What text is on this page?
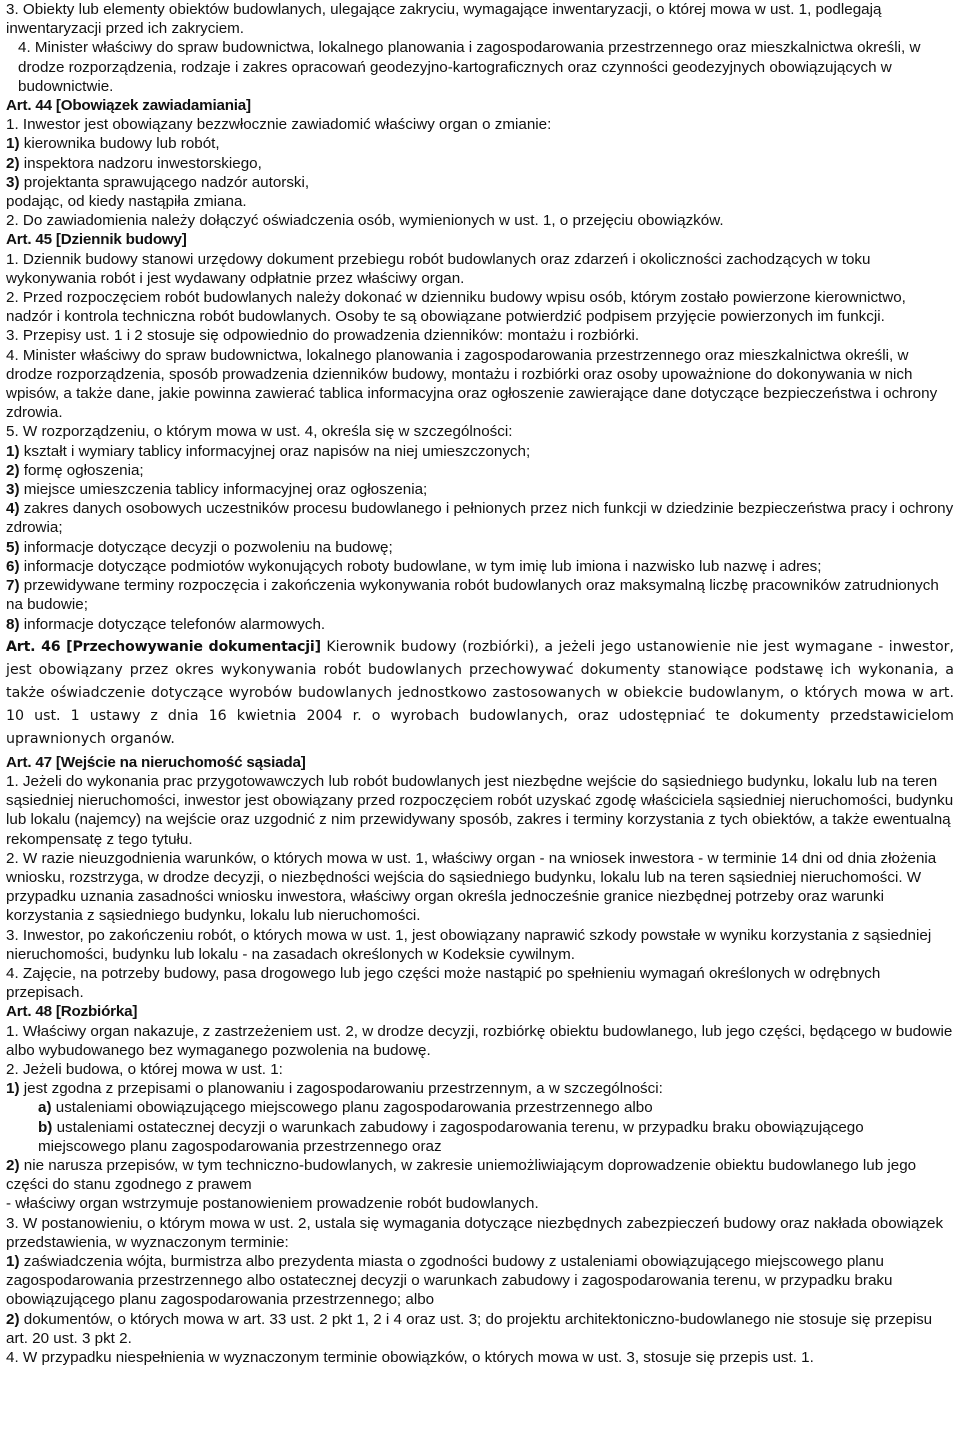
3. Obiekty lub elementy obiektów budowlanych, ulegające zakryciu, wymagające inwentaryzacji, o której mowa w ust. 1, podlegają inwentaryzacji przed ich zakryciem.

4. Minister właściwy do spraw budownictwa, lokalnego planowania i zagospodarowania przestrzennego oraz mieszkalnictwa określi, w drodze rozporządzenia, rodzaje i zakres opracowań geodezyjno-kartograficznych oraz czynności geodezyjnych obowiązujących w budownictwie.

Art. 44 [Obowiązek zawiadamiania]

1. Inwestor jest obowiązany bezzwłocznie zawiadomić właściwy organ o zmianie:

1) kierownika budowy lub robót,

2) inspektora nadzoru inwestorskiego,

3) projektanta sprawującego nadzór autorski,

podając, od kiedy nastąpiła zmiana.

2. Do zawiadomienia należy dołączyć oświadczenia osób, wymienionych w ust. 1, o przejęciu obowiązków.

Art. 45 [Dziennik budowy]

1. Dziennik budowy stanowi urzędowy dokument przebiegu robót budowlanych oraz zdarzeń i okoliczności zachodzących w toku wykonywania robót i jest wydawany odpłatnie przez właściwy organ.

2. Przed rozpoczęciem robót budowlanych należy dokonać w dzienniku budowy wpisu osób, którym zostało powierzone kierownictwo, nadzór i kontrola techniczna robót budowlanych. Osoby te są obowiązane potwierdzić podpisem przyjęcie powierzonych im funkcji.

3. Przepisy ust. 1 i 2 stosuje się odpowiednio do prowadzenia dzienników: montażu i rozbiórki.

4. Minister właściwy do spraw budownictwa, lokalnego planowania i zagospodarowania przestrzennego oraz mieszkalnictwa określi, w drodze rozporządzenia, sposób prowadzenia dzienników budowy, montażu i rozbiórki oraz osoby upoważnione do dokonywania w nich wpisów, a także dane, jakie powinna zawierać tablica informacyjna oraz ogłoszenie zawierające dane dotyczące bezpieczeństwa i ochrony zdrowia.

5. W rozporządzeniu, o którym mowa w ust. 4, określa się w szczególności:

1) kształt i wymiary tablicy informacyjnej oraz napisów na niej umieszczonych;

2) formę ogłoszenia;

3) miejsce umieszczenia tablicy informacyjnej oraz ogłoszenia;

4) zakres danych osobowych uczestników procesu budowlanego i pełnionych przez nich funkcji w dziedzinie bezpieczeństwa pracy i ochrony zdrowia;

5) informacje dotyczące decyzji o pozwoleniu na budowę;

6) informacje dotyczące podmiotów wykonujących roboty budowlane, w tym imię lub imiona i nazwisko lub nazwę i adres;

7) przewidywane terminy rozpoczęcia i zakończenia wykonywania robót budowlanych oraz maksymalną liczbę pracowników zatrudnionych na budowie;

8) informacje dotyczące telefonów alarmowych.

Art. 46 [Przechowywanie dokumentacji] Kierownik budowy (rozbiórki), a jeżeli jego ustanowienie nie jest wymagane - inwestor, jest obowiązany przez okres wykonywania robót budowlanych przechowywać dokumenty stanowiące podstawę ich wykonania, a także oświadczenie dotyczące wyrobów budowlanych jednostkowo zastosowanych w obiekcie budowlanym, o których mowa w art. 10 ust. 1 ustawy z dnia 16 kwietnia 2004 r. o wyrobach budowlanych, oraz udostępniać te dokumenty przedstawicielom uprawnionych organów.

Art. 47 [Wejście na nieruchomość sąsiada]

1. Jeżeli do wykonania prac przygotowawczych lub robót budowlanych jest niezbędne wejście do sąsiedniego budynku, lokalu lub na teren sąsiedniej nieruchomości, inwestor jest obowiązany przed rozpoczęciem robót uzyskać zgodę właściciela sąsiedniej nieruchomości, budynku lub lokalu (najemcy) na wejście oraz uzgodnić z nim przewidywany sposób, zakres i terminy korzystania z tych obiektów, a także ewentualną rekompensatę z tego tytułu.

2. W razie nieuzgodnienia warunków, o których mowa w ust. 1, właściwy organ - na wniosek inwestora - w terminie 14 dni od dnia złożenia wniosku, rozstrzyga, w drodze decyzji, o niezbędności wejścia do sąsiedniego budynku, lokalu lub na teren sąsiedniej nieruchomości. W przypadku uznania zasadności wniosku inwestora, właściwy organ określa jednocześnie granice niezbędnej potrzeby oraz warunki korzystania z sąsiedniego budynku, lokalu lub nieruchomości.

3. Inwestor, po zakończeniu robót, o których mowa w ust. 1, jest obowiązany naprawić szkody powstałe w wyniku korzystania z sąsiedniej nieruchomości, budynku lub lokalu - na zasadach określonych w Kodeksie cywilnym.

4. Zajęcie, na potrzeby budowy, pasa drogowego lub jego części może nastąpić po spełnieniu wymagań określonych w odrębnych przepisach.

Art. 48 [Rozbiórka]

1. Właściwy organ nakazuje, z zastrzeżeniem ust. 2, w drodze decyzji, rozbiórkę obiektu budowlanego, lub jego części, będącego w budowie albo wybudowanego bez wymaganego pozwolenia na budowę.

2. Jeżeli budowa, o której mowa w ust. 1:

1) jest zgodna z przepisami o planowaniu i zagospodarowaniu przestrzennym, a w szczególności:

a) ustaleniami obowiązującego miejscowego planu zagospodarowania przestrzennego albo

b) ustaleniami ostatecznej decyzji o warunkach zabudowy i zagospodarowania terenu, w przypadku braku obowiązującego miejscowego planu zagospodarowania przestrzennego oraz

2) nie narusza przepisów, w tym techniczno-budowlanych, w zakresie uniemożliwiającym doprowadzenie obiektu budowlanego lub jego części do stanu zgodnego z prawem

- właściwy organ wstrzymuje postanowieniem prowadzenie robót budowlanych.

3. W postanowieniu, o którym mowa w ust. 2, ustala się wymagania dotyczące niezbędnych zabezpieczeń budowy oraz nakłada obowiązek przedstawienia, w wyznaczonym terminie:

1) zaświadczenia wójta, burmistrza albo prezydenta miasta o zgodności budowy z ustaleniami obowiązującego miejscowego planu zagospodarowania przestrzennego albo ostatecznej decyzji o warunkach zabudowy i zagospodarowania terenu, w przypadku braku obowiązującego planu zagospodarowania przestrzennego; albo

2) dokumentów, o których mowa w art. 33 ust. 2 pkt 1, 2 i 4 oraz ust. 3; do projektu architektoniczno-budowlanego nie stosuje się przepisu art. 20 ust. 3 pkt 2.

4. W przypadku niespełnienia w wyznaczonym terminie obowiązków, o których mowa w ust. 3, stosuje się przepis ust. 1.
